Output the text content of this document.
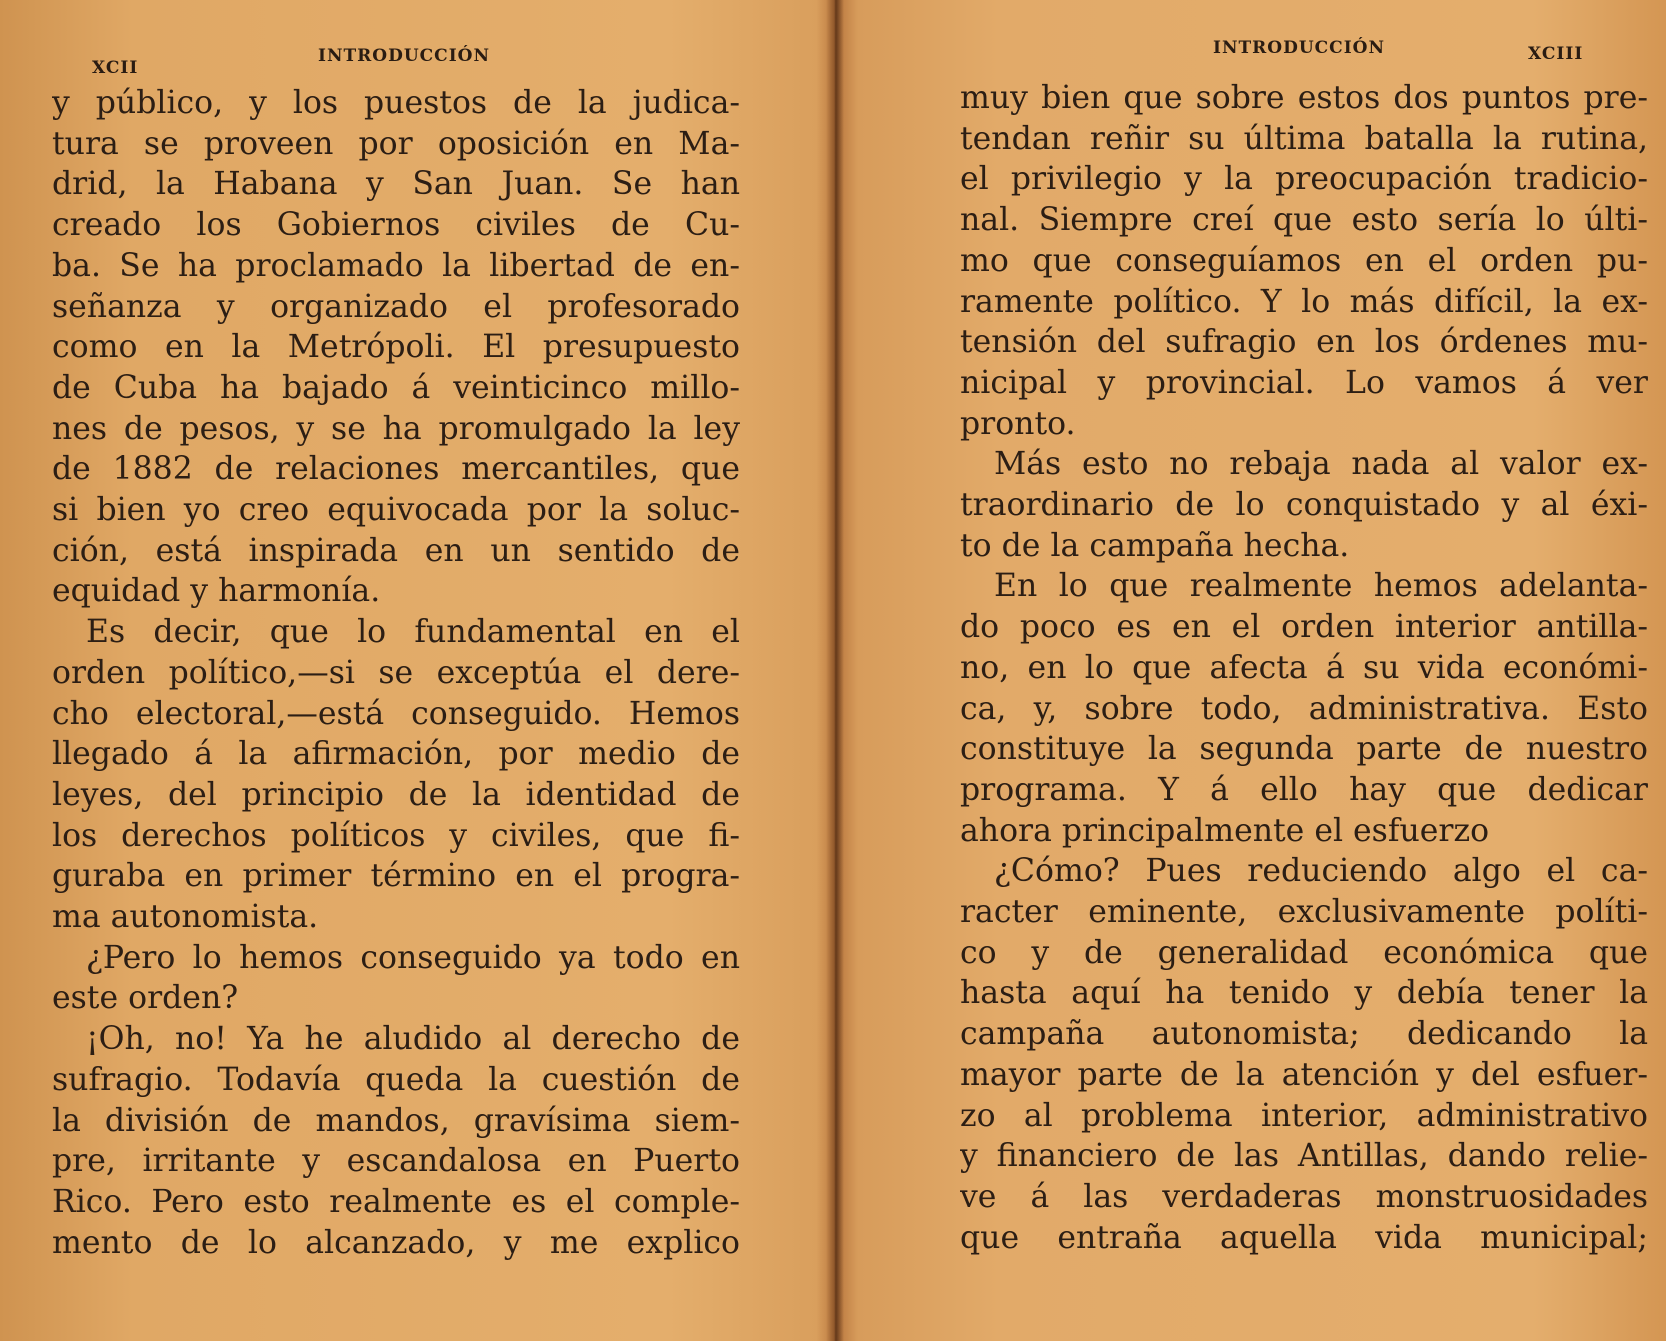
XCII
INTRODUCCIÓN
y público, y los puestos de la judica-
tura se proveen por oposición en Ma-
drid, la Habana y San Juan. Se han
creado los Gobiernos civiles de Cu-
ba. Se ha proclamado la libertad de en-
señanza y organizado el profesorado
como en la Metrópoli. El presupuesto
de Cuba ha bajado á veinticinco millo-
nes de pesos, y se ha promulgado la ley
de 1882 de relaciones mercantiles, que
si bien yo creo equivocada por la soluc-
ción, está inspirada en un sentido de
equidad y harmonía.
Es decir, que lo fundamental en el
orden político,—si se exceptúa el dere-
cho electoral,—está conseguido. Hemos
llegado á la afirmación, por medio de
leyes, del principio de la identidad de
los derechos políticos y civiles, que fi-
guraba en primer término en el progra-
ma autonomista.
¿Pero lo hemos conseguido ya todo en
este orden?
¡Oh, no! Ya he aludido al derecho de
sufragio. Todavía queda la cuestión de
la división de mandos, gravísima siem-
pre, irritante y escandalosa en Puerto
Rico. Pero esto realmente es el comple-
mento de lo alcanzado, y me explico
INTRODUCCIÓN	XCIII
muy bien que sobre estos dos puntos pre-
tendan reñir su última batalla la rutina,
el privilegio y la preocupación tradicio-
nal. Siempre creí que esto sería lo últi-
mo que conseguíamos en el orden pu-
ramente político. Y lo más difícil, la ex-
tensión del sufragio en los órdenes mu-
nicipal y provincial. Lo vamos á ver
pronto.
Más esto no rebaja nada al valor ex-
traordinario de lo conquistado y al éxi-
to de la campaña hecha.
En lo que realmente hemos adelanta-
do poco es en el orden interior antilla-
no, en lo que afecta á su vida económi-
ca, y, sobre todo, administrativa. Esto
constituye la segunda parte de nuestro
programa. Y á ello hay que dedicar
ahora principalmente el esfuerzo
¿Cómo? Pues reduciendo algo el ca-
racter eminente, exclusivamente políti-
co y de generalidad económica que
hasta aquí ha tenido y debía tener la
campaña autonomista; dedicando la
mayor parte de la atención y del esfuer-
zo al problema interior, administrativo
y financiero de las Antillas, dando relie-
ve á las verdaderas monstruosidades
que entraña aquella vida municipal;
